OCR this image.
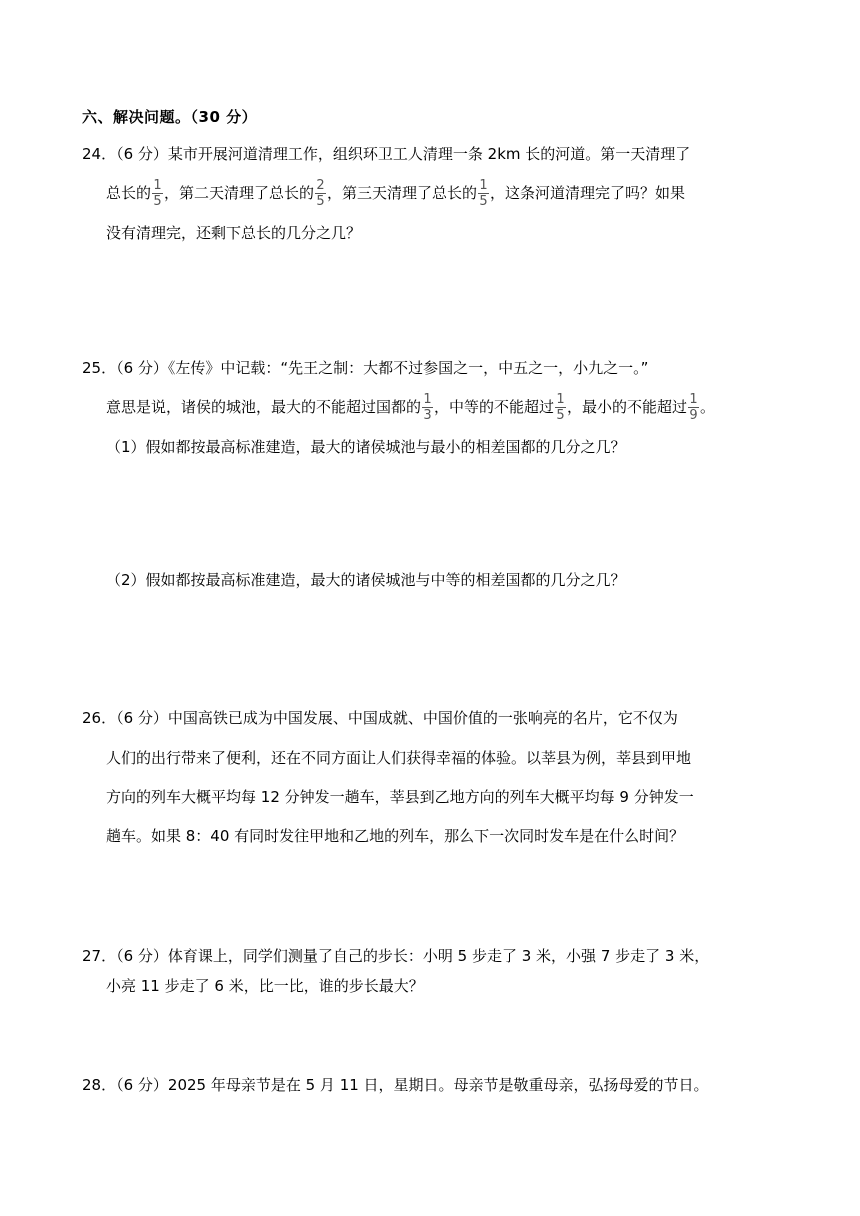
六、解决问题。（30 分）
24．（6 分）某市开展河道清理工作，组织环卫工人清理一条 2km 长的河道。第一天清理了
总长的 $\frac{1}{5}$ ，第二天清理了总长的 $\frac{2}{5}$ ，第三天清理了总长的 $\frac{1}{5}$ ，这条河道清理完了吗？如果
没有清理完，还剩下总长的几分之几？
25．（6 分）《左传》中记载：“先王之制：大都不过参国之一，中五之一，小九之一。”
意思是说，诸侯的城池，最大的不能超过国都的 $\frac{1}{3}$ ，中等的不能超过 $\frac{1}{5}$ ，最小的不能超过 $\frac{1}{9}$ 。
（1）假如都按最高标准建造，最大的诸侯城池与最小的相差国都的几分之几？
（2）假如都按最高标准建造，最大的诸侯城池与中等的相差国都的几分之几？
26．（6 分）中国高铁已成为中国发展、中国成就、中国价值的一张响亮的名片，它不仅为
人们的出行带来了便利，还在不同方面让人们获得幸福的体验。以莘县为例，莘县到甲地
方向的列车大概平均每 12 分钟发一趟车，莘县到乙地方向的列车大概平均每 9 分钟发一
趟车。如果 8：40 有同时发往甲地和乙地的列车，那么下一次同时发车是在什么时间？
27．（6 分）体育课上，同学们测量了自己的步长：小明 5 步走了 3 米，小强 7 步走了 3 米，
小亮 11 步走了 6 米，比一比，谁的步长最大？
28．（6 分）2025 年母亲节是在 5 月 11 日，星期日。母亲节是敬重母亲，弘扬母爱的节日。
